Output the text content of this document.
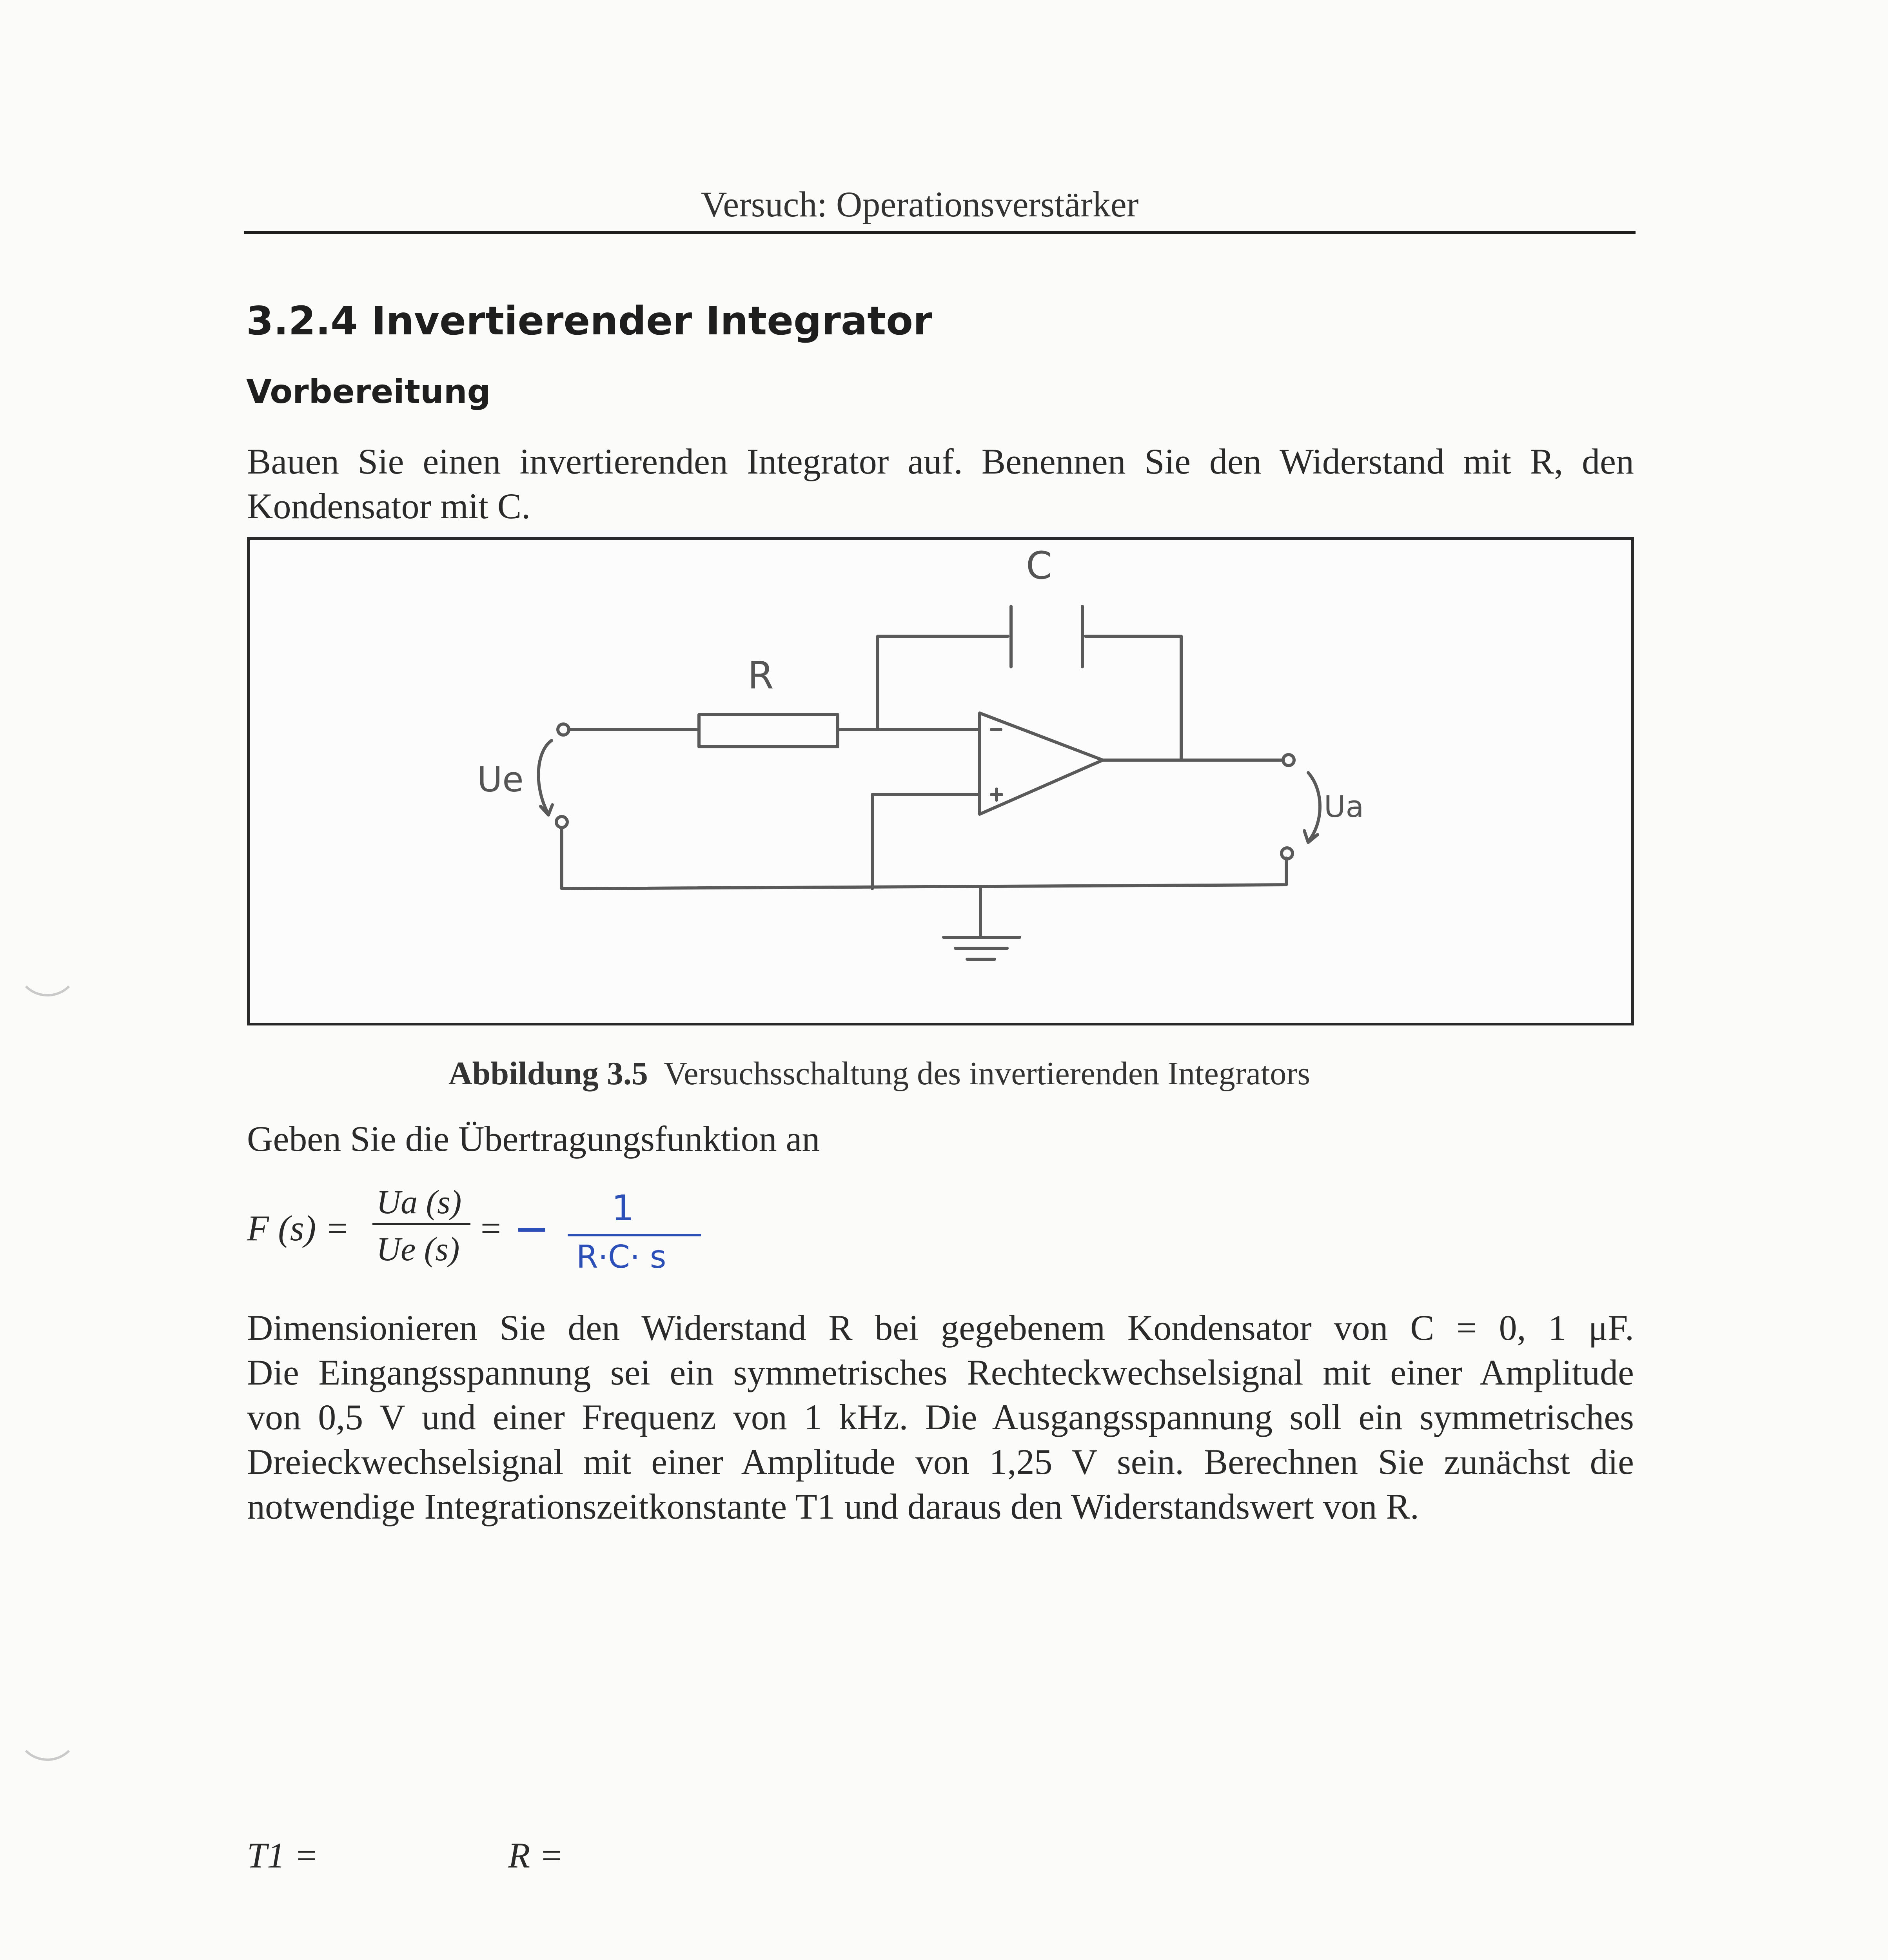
Versuch: Operationsverstärker
3.2.4 Invertierender Integrator
Vorbereitung
Bauen Sie einen invertierenden Integrator auf. Benennen Sie den Widerstand mit R, den
Kondensator mit C.
C
R
Ue
Ua
Abbildung 3.5 Versuchsschaltung des invertierenden Integrators
Geben Sie die Übertragungsfunktion an
F (s) =
Ua (s)
Ue (s)
= − 1
R·C· s
Dimensionieren Sie den Widerstand R bei gegebenem Kondensator von C = 0, 1 μF.
Die Eingangsspannung sei ein symmetrisches Rechteckwechselsignal mit einer Amplitude
von 0,5 V und einer Frequenz von 1 kHz. Die Ausgangsspannung soll ein symmetrisches
Dreieckwechselsignal mit einer Amplitude von 1,25 V sein. Berechnen Sie zunächst die
notwendige Integrationszeitkonstante T1 und daraus den Widerstandswert von R.
T1 =	R =
